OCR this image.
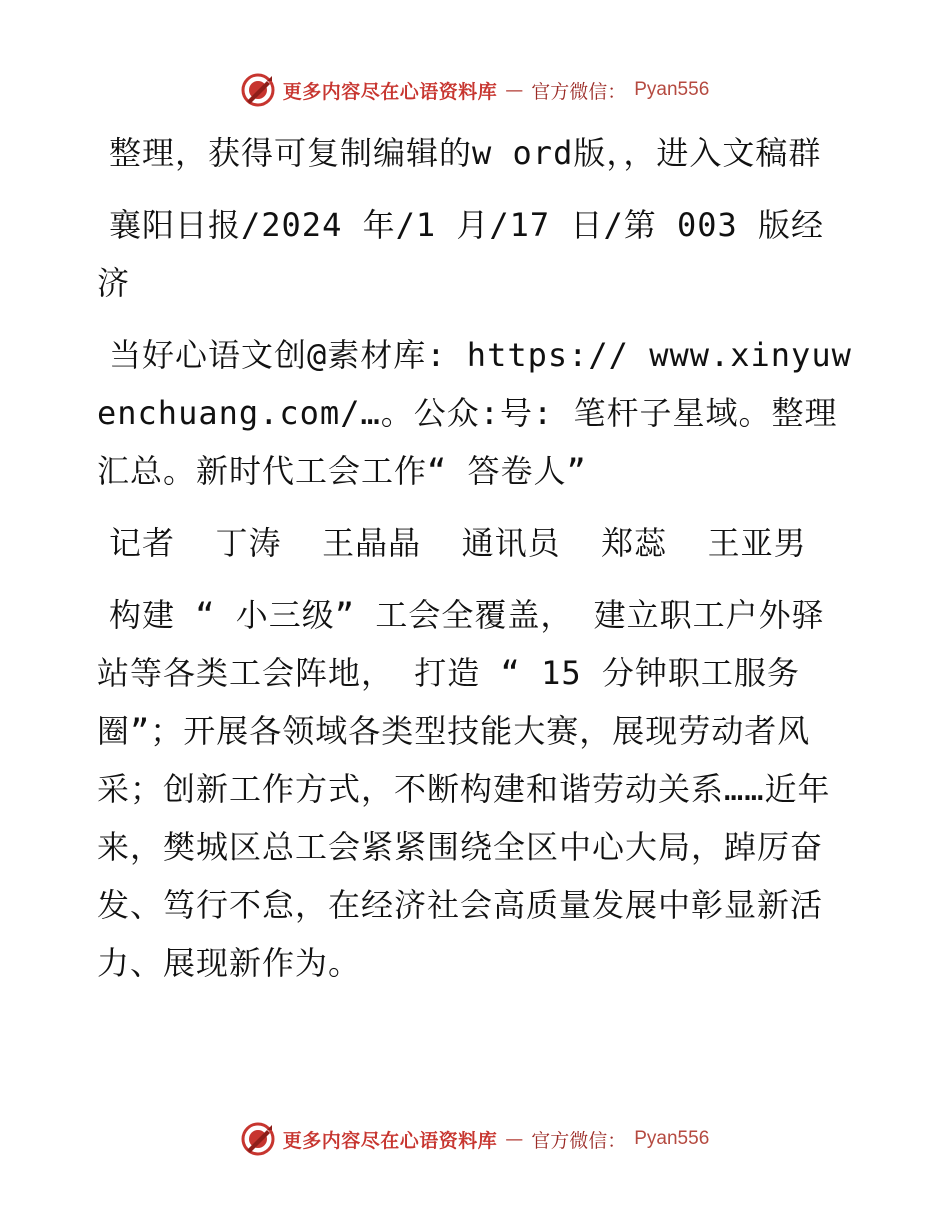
更多内容尽在心语资料库 — 官方微信： Pyan556

整理，获得可复制编辑的w ord版，，进入文稿群

襄阳日报/2024 年/1 月/17 日/第 003 版经济

当好心语文创@素材库: https:// www.xinyuwenchuang.com/…。公众:号: 笔杆子星域。整理汇总。新时代工会工作“ 答卷人”

记者  丁涛  王晶晶  通讯员  郑蕊  王亚男

构建 “ 小三级” 工会全覆盖， 建立职工户外驿站等各类工会阵地， 打造 “ 15 分钟职工服务圈”；开展各领域各类型技能大赛，展现劳动者风采；创新工作方式，不断构建和谐劳动关系……近年来，樊城区总工会紧紧围绕全区中心大局，踔厉奋发、笃行不怠，在经济社会高质量发展中彰显新活力、展现新作为。

更多内容尽在心语资料库 — 官方微信： Pyan556
